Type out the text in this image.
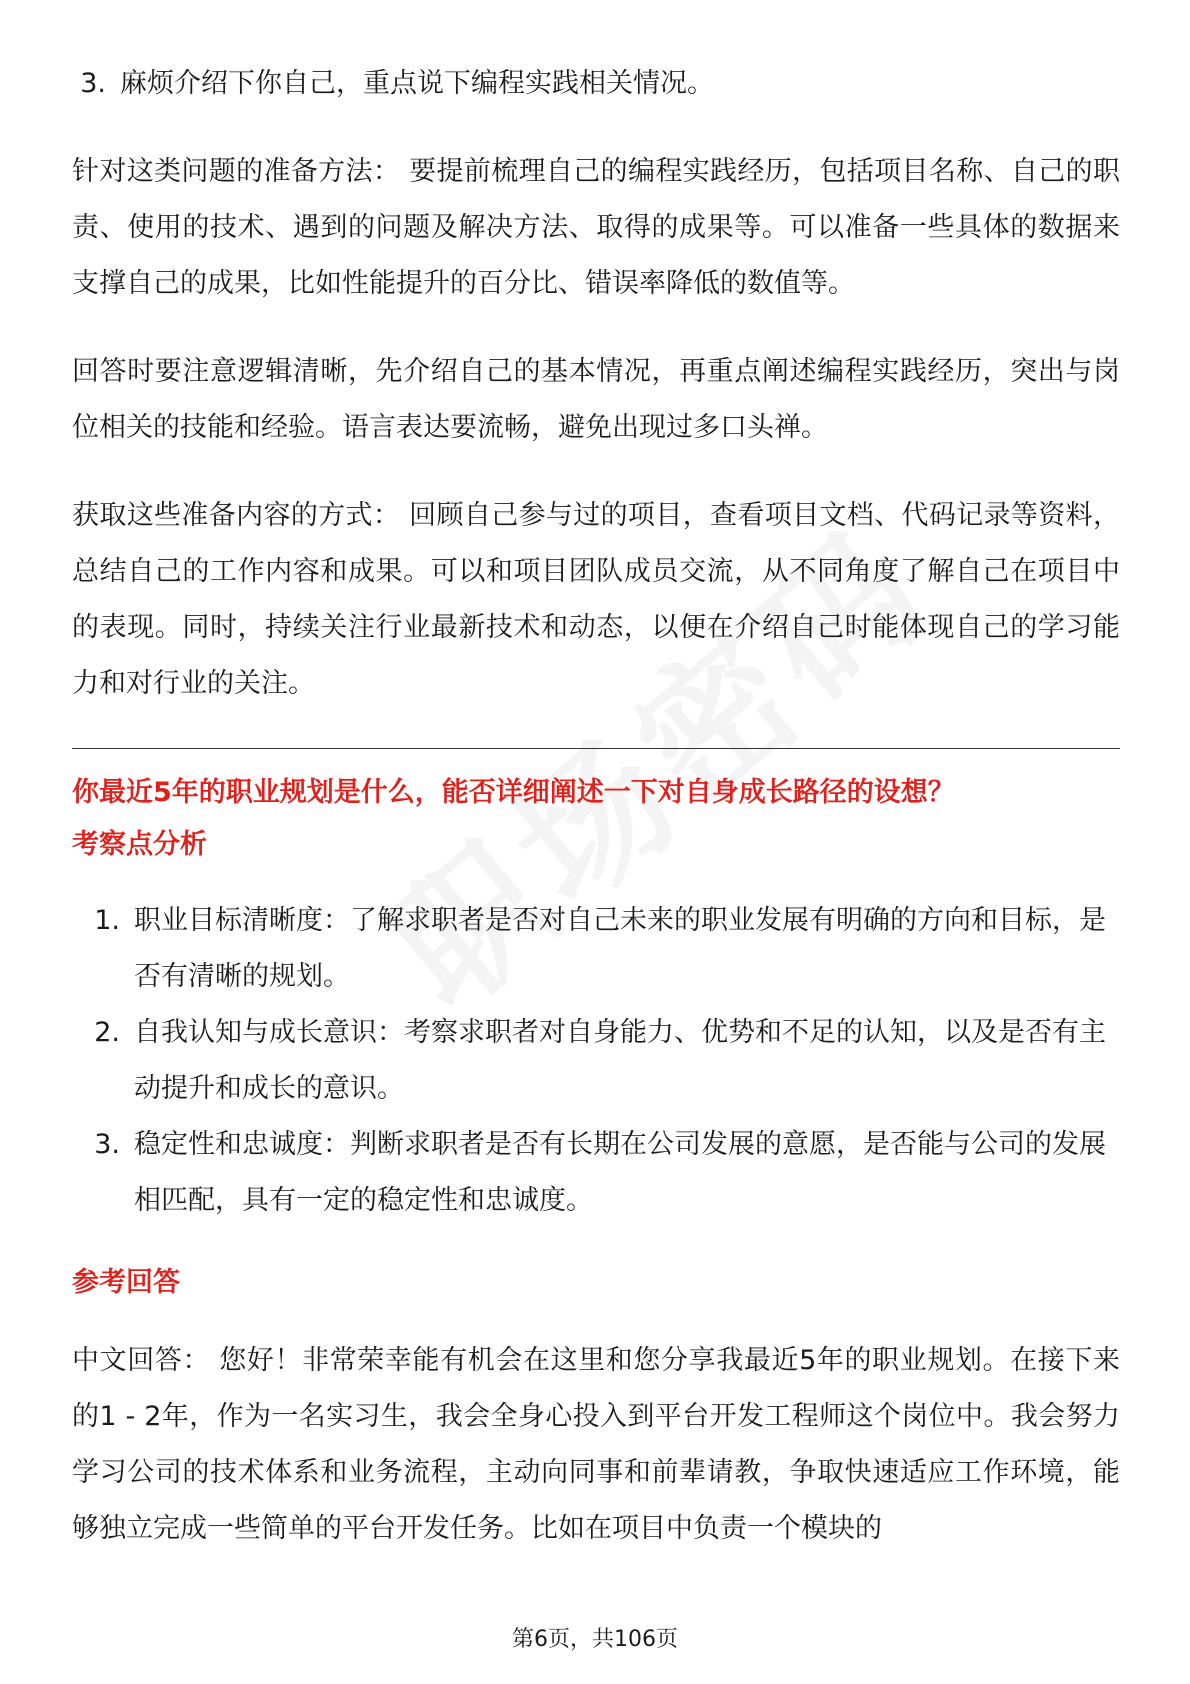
3. 麻烦介绍下你自己，重点说下编程实践相关情况。

针对这类问题的准备方法： 要提前梳理自己的编程实践经历，包括项目名称、自己的职责、使用的技术、遇到的问题及解决方法、取得的成果等。可以准备一些具体的数据来支撑自己的成果，比如性能提升的百分比、错误率降低的数值等。

回答时要注意逻辑清晰，先介绍自己的基本情况，再重点阐述编程实践经历，突出与岗位相关的技能和经验。语言表达要流畅，避免出现过多口头禅。

获取这些准备内容的方式： 回顾自己参与过的项目，查看项目文档、代码记录等资料，总结自己的工作内容和成果。可以和项目团队成员交流，从不同角度了解自己在项目中的表现。同时，持续关注行业最新技术和动态，以便在介绍自己时能体现自己的学习能力和对行业的关注。

你最近5年的职业规划是什么，能否详细阐述一下对自身成长路径的设想？
考察点分析
1. 职业目标清晰度：了解求职者是否对自己未来的职业发展有明确的方向和目标，是否有清晰的规划。
2. 自我认知与成长意识：考察求职者对自身能力、优势和不足的认知，以及是否有主动提升和成长的意识。
3. 稳定性和忠诚度：判断求职者是否有长期在公司发展的意愿，是否能与公司的发展相匹配，具有一定的稳定性和忠诚度。
参考回答

中文回答： 您好！非常荣幸能有机会在这里和您分享我最近5年的职业规划。在接下来的1 - 2年，作为一名实习生，我会全身心投入到平台开发工程师这个岗位中。我会努力学习公司的技术体系和业务流程，主动向同事和前辈请教，争取快速适应工作环境，能够独立完成一些简单的平台开发任务。比如在项目中负责一个模块的

第6页，共106页
